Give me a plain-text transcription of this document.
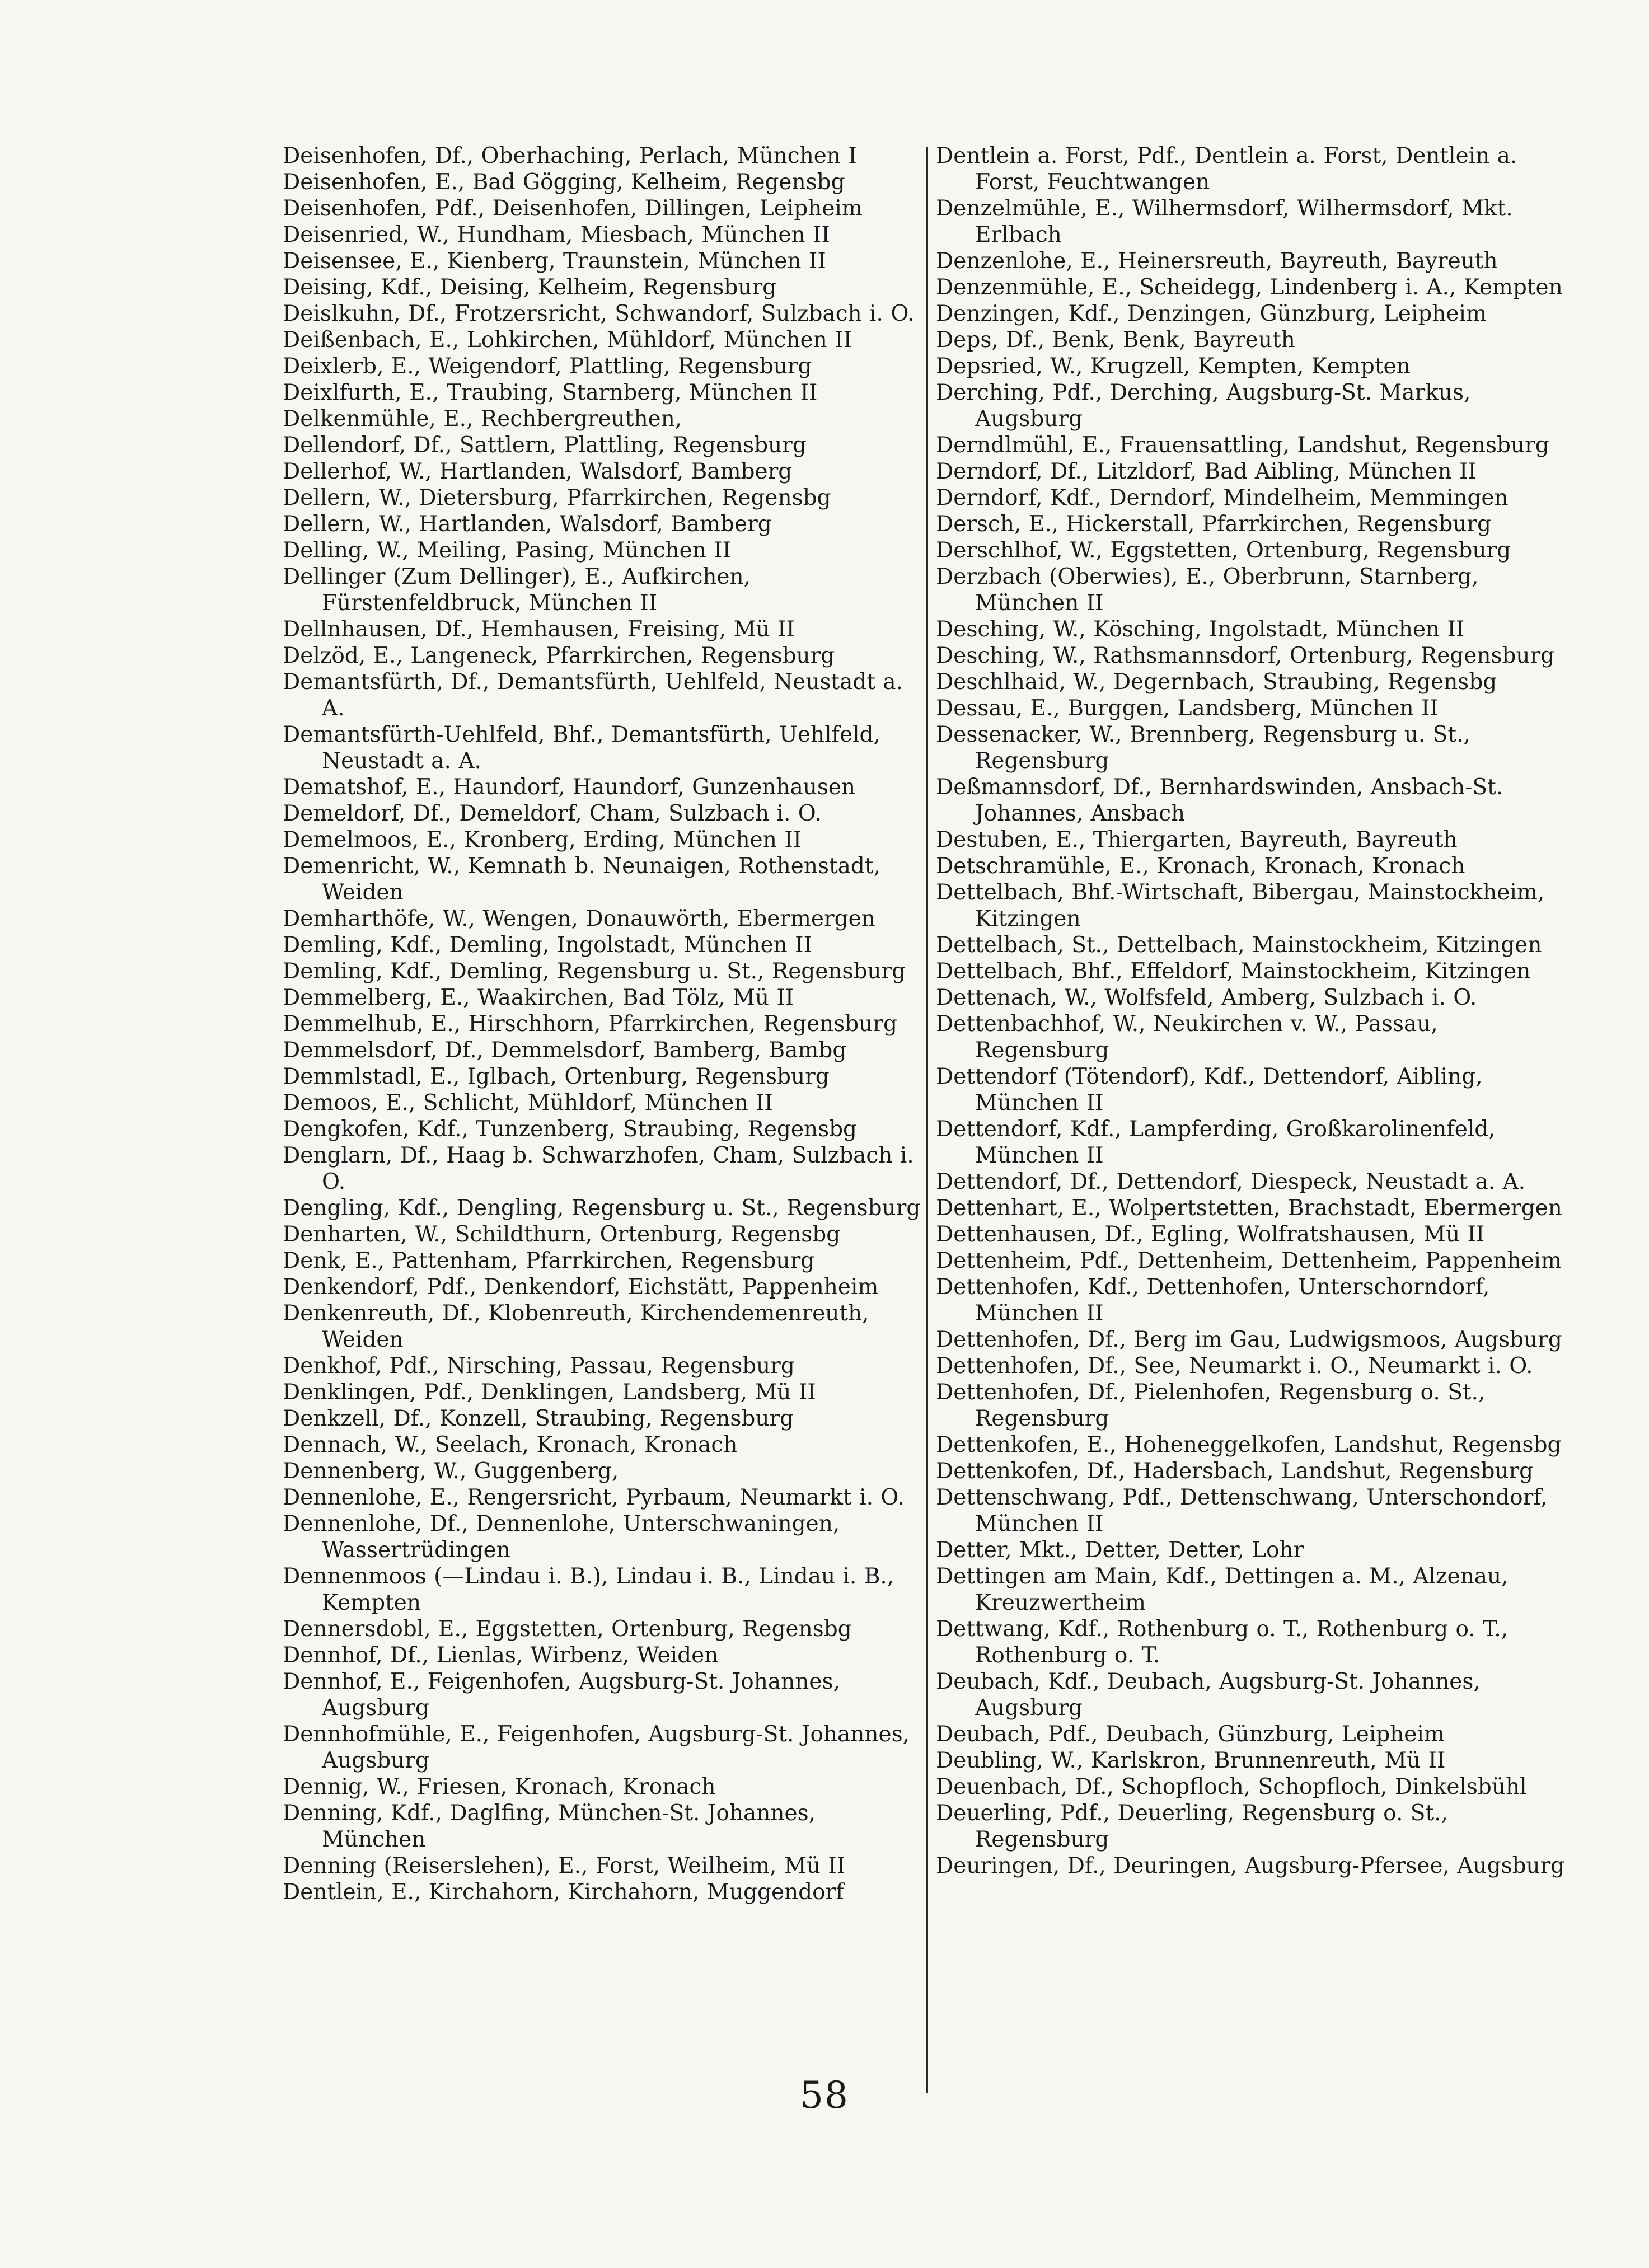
Deisenhofen, Df., Oberhaching, Perlach, München I
Deisenhofen, E., Bad Gögging, Kelheim, Regensbg
Deisenhofen, Pdf., Deisenhofen, Dillingen, Leipheim
Deisenried, W., Hundham, Miesbach, München II
Deisensee, E., Kienberg, Traunstein, München II
Deising, Kdf., Deising, Kelheim, Regensburg
Deislkuhn, Df., Frotzersricht, Schwandorf, Sulzbach i. O.
Deißenbach, E., Lohkirchen, Mühldorf, München II
Deixlerb, E., Weigendorf, Plattling, Regensburg
Deixlfurth, E., Traubing, Starnberg, München II
Delkenmühle, E., Rechbergreuthen,
Dellendorf, Df., Sattlern, Plattling, Regensburg
Dellerhof, W., Hartlanden, Walsdorf, Bamberg
Dellern, W., Dietersburg, Pfarrkirchen, Regensbg
Dellern, W., Hartlanden, Walsdorf, Bamberg
Delling, W., Meiling, Pasing, München II
Dellinger (Zum Dellinger), E., Aufkirchen, Fürstenfeldbruck, München II
Dellnhausen, Df., Hemhausen, Freising, Mü II
Delzöd, E., Langeneck, Pfarrkirchen, Regensburg
Demantsfürth, Df., Demantsfürth, Uehlfeld, Neustadt a. A.
Demantsfürth-Uehlfeld, Bhf., Demantsfürth, Uehlfeld, Neustadt a. A.
Dematshof, E., Haundorf, Haundorf, Gunzenhausen
Demeldorf, Df., Demeldorf, Cham, Sulzbach i. O.
Demelmoos, E., Kronberg, Erding, München II
Demenricht, W., Kemnath b. Neunaigen, Rothenstadt, Weiden
Demharthöfe, W., Wengen, Donauwörth, Ebermergen
Demling, Kdf., Demling, Ingolstadt, München II
Demling, Kdf., Demling, Regensburg u. St., Regensburg
Demmelberg, E., Waakirchen, Bad Tölz, Mü II
Demmelhub, E., Hirschhorn, Pfarrkirchen, Regensburg
Demmelsdorf, Df., Demmelsdorf, Bamberg, Bambg
Demmlstadl, E., Iglbach, Ortenburg, Regensburg
Demoos, E., Schlicht, Mühldorf, München II
Dengkofen, Kdf., Tunzenberg, Straubing, Regensbg
Denglarn, Df., Haag b. Schwarzhofen, Cham, Sulzbach i. O.
Dengling, Kdf., Dengling, Regensburg u. St., Regensburg
Denharten, W., Schildthurn, Ortenburg, Regensbg
Denk, E., Pattenham, Pfarrkirchen, Regensburg
Denkendorf, Pdf., Denkendorf, Eichstätt, Pappenheim
Denkenreuth, Df., Klobenreuth, Kirchendemenreuth, Weiden
Denkhof, Pdf., Nirsching, Passau, Regensburg
Denklingen, Pdf., Denklingen, Landsberg, Mü II
Denkzell, Df., Konzell, Straubing, Regensburg
Dennach, W., Seelach, Kronach, Kronach
Dennenberg, W., Guggenberg,
Dennenlohe, E., Rengersricht, Pyrbaum, Neumarkt i. O.
Dennenlohe, Df., Dennenlohe, Unterschwaningen, Wassertrüdingen
Dennenmoos (—Lindau i. B.), Lindau i. B., Lindau i. B., Kempten
Dennersdobl, E., Eggstetten, Ortenburg, Regensbg
Dennhof, Df., Lienlas, Wirbenz, Weiden
Dennhof, E., Feigenhofen, Augsburg-St. Johannes, Augsburg
Dennhofmühle, E., Feigenhofen, Augsburg-St. Johannes, Augsburg
Dennig, W., Friesen, Kronach, Kronach
Denning, Kdf., Daglfing, München-St. Johannes, München
Denning (Reiserslehen), E., Forst, Weilheim, Mü II
Dentlein, E., Kirchahorn, Kirchahorn, Muggendorf
Dentlein a. Forst, Pdf., Dentlein a. Forst, Dentlein a. Forst, Feuchtwangen
Denzelmühle, E., Wilhermsdorf, Wilhermsdorf, Mkt. Erlbach
Denzenlohe, E., Heinersreuth, Bayreuth, Bayreuth
Denzenmühle, E., Scheidegg, Lindenberg i. A., Kempten
Denzingen, Kdf., Denzingen, Günzburg, Leipheim
Deps, Df., Benk, Benk, Bayreuth
Depsried, W., Krugzell, Kempten, Kempten
Derching, Pdf., Derching, Augsburg-St. Markus, Augsburg
Derndlmühl, E., Frauensattling, Landshut, Regensburg
Derndorf, Df., Litzldorf, Bad Aibling, München II
Derndorf, Kdf., Derndorf, Mindelheim, Memmingen
Dersch, E., Hickerstall, Pfarrkirchen, Regensburg
Derschlhof, W., Eggstetten, Ortenburg, Regensburg
Derzbach (Oberwies), E., Oberbrunn, Starnberg, München II
Desching, W., Kösching, Ingolstadt, München II
Desching, W., Rathsmannsdorf, Ortenburg, Regensburg
Deschlhaid, W., Degernbach, Straubing, Regensbg
Dessau, E., Burggen, Landsberg, München II
Dessenacker, W., Brennberg, Regensburg u. St., Regensburg
Deßmannsdorf, Df., Bernhardswinden, Ansbach-St. Johannes, Ansbach
Destuben, E., Thiergarten, Bayreuth, Bayreuth
Detschramühle, E., Kronach, Kronach, Kronach
Dettelbach, Bhf.-Wirtschaft, Bibergau, Mainstockheim, Kitzingen
Dettelbach, St., Dettelbach, Mainstockheim, Kitzingen
Dettelbach, Bhf., Effeldorf, Mainstockheim, Kitzingen
Dettenach, W., Wolfsfeld, Amberg, Sulzbach i. O.
Dettenbachhof, W., Neukirchen v. W., Passau, Regensburg
Dettendorf (Tötendorf), Kdf., Dettendorf, Aibling, München II
Dettendorf, Kdf., Lampferding, Großkarolinenfeld, München II
Dettendorf, Df., Dettendorf, Diespeck, Neustadt a. A.
Dettenhart, E., Wolpertstetten, Brachstadt, Ebermergen
Dettenhausen, Df., Egling, Wolfratshausen, Mü II
Dettenheim, Pdf., Dettenheim, Dettenheim, Pappenheim
Dettenhofen, Kdf., Dettenhofen, Unterschorndorf, München II
Dettenhofen, Df., Berg im Gau, Ludwigsmoos, Augsburg
Dettenhofen, Df., See, Neumarkt i. O., Neumarkt i. O.
Dettenhofen, Df., Pielenhofen, Regensburg o. St., Regensburg
Dettenkofen, E., Hoheneggelkofen, Landshut, Regensbg
Dettenkofen, Df., Hadersbach, Landshut, Regensburg
Dettenschwang, Pdf., Dettenschwang, Unterschondorf, München II
Detter, Mkt., Detter, Detter, Lohr
Dettingen am Main, Kdf., Dettingen a. M., Alzenau, Kreuzwertheim
Dettwang, Kdf., Rothenburg o. T., Rothenburg o. T., Rothenburg o. T.
Deubach, Kdf., Deubach, Augsburg-St. Johannes, Augsburg
Deubach, Pdf., Deubach, Günzburg, Leipheim
Deubling, W., Karlskron, Brunnenreuth, Mü II
Deuenbach, Df., Schopfloch, Schopfloch, Dinkelsbühl
Deuerling, Pdf., Deuerling, Regensburg o. St., Regensburg
Deuringen, Df., Deuringen, Augsburg-Pfersee, Augsburg
58
